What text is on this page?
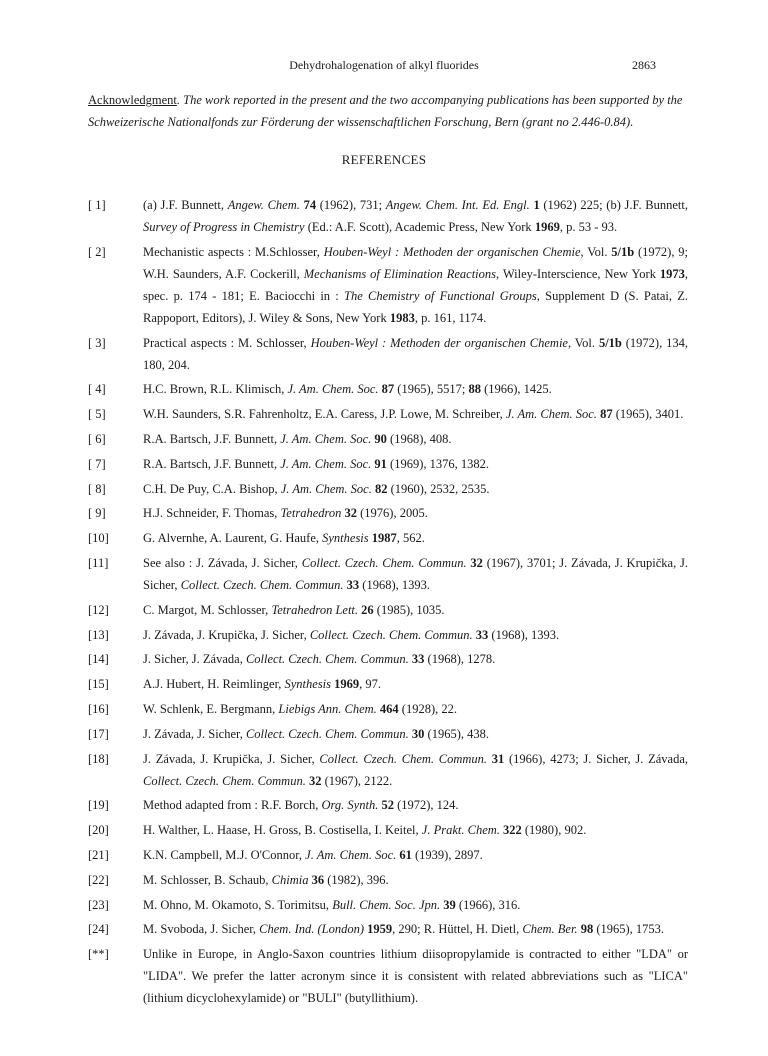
Dehydrohalogenation of alkyl fluorides	2863
Acknowledgment. The work reported in the present and the two accompanying publications has been supported by the Schweizerische Nationalfonds zur Förderung der wissenschaftlichen Forschung, Bern (grant no 2.446-0.84).
REFERENCES
[ 1]	(a) J.F. Bunnett, Angew. Chem. 74 (1962), 731; Angew. Chem. Int. Ed. Engl. 1 (1962) 225; (b) J.F. Bunnett, Survey of Progress in Chemistry (Ed.: A.F. Scott), Academic Press, New York 1969, p. 53 - 93.
[ 2]	Mechanistic aspects : M.Schlosser, Houben-Weyl : Methoden der organischen Chemie, Vol. 5/1b (1972), 9; W.H. Saunders, A.F. Cockerill, Mechanisms of Elimination Reactions, Wiley-Interscience, New York 1973, spec. p. 174 - 181; E. Baciocchi in : The Chemistry of Functional Groups, Supplement D (S. Patai, Z. Rappoport, Editors), J. Wiley & Sons, New York 1983, p. 161, 1174.
[ 3]	Practical aspects : M. Schlosser, Houben-Weyl : Methoden der organischen Chemie, Vol. 5/1b (1972), 134, 180, 204.
[ 4]	H.C. Brown, R.L. Klimisch, J. Am. Chem. Soc. 87 (1965), 5517; 88 (1966), 1425.
[ 5]	W.H. Saunders, S.R. Fahrenholtz, E.A. Caress, J.P. Lowe, M. Schreiber, J. Am. Chem. Soc. 87 (1965), 3401.
[ 6]	R.A. Bartsch, J.F. Bunnett, J. Am. Chem. Soc. 90 (1968), 408.
[ 7]	R.A. Bartsch, J.F. Bunnett, J. Am. Chem. Soc. 91 (1969), 1376, 1382.
[ 8]	C.H. De Puy, C.A. Bishop, J. Am. Chem. Soc. 82 (1960), 2532, 2535.
[ 9]	H.J. Schneider, F. Thomas, Tetrahedron 32 (1976), 2005.
[10]	G. Alvernhe, A. Laurent, G. Haufe, Synthesis 1987, 562.
[11]	See also : J. Závada, J. Sicher, Collect. Czech. Chem. Commun. 32 (1967), 3701; J. Závada, J. Krupička, J. Sicher, Collect. Czech. Chem. Commun. 33 (1968), 1393.
[12]	C. Margot, M. Schlosser, Tetrahedron Lett. 26 (1985), 1035.
[13]	J. Závada, J. Krupička, J. Sicher, Collect. Czech. Chem. Commun. 33 (1968), 1393.
[14]	J. Sicher, J. Závada, Collect. Czech. Chem. Commun. 33 (1968), 1278.
[15]	A.J. Hubert, H. Reimlinger, Synthesis 1969, 97.
[16]	W. Schlenk, E. Bergmann, Liebigs Ann. Chem. 464 (1928), 22.
[17]	J. Závada, J. Sicher, Collect. Czech. Chem. Commun. 30 (1965), 438.
[18]	J. Závada, J. Krupička, J. Sicher, Collect. Czech. Chem. Commun. 31 (1966), 4273; J. Sicher, J. Závada, Collect. Czech. Chem. Commun. 32 (1967), 2122.
[19]	Method adapted from : R.F. Borch, Org. Synth. 52 (1972), 124.
[20]	H. Walther, L. Haase, H. Gross, B. Costisella, I. Keitel, J. Prakt. Chem. 322 (1980), 902.
[21]	K.N. Campbell, M.J. O'Connor, J. Am. Chem. Soc. 61 (1939), 2897.
[22]	M. Schlosser, B. Schaub, Chimia 36 (1982), 396.
[23]	M. Ohno, M. Okamoto, S. Torimitsu, Bull. Chem. Soc. Jpn. 39 (1966), 316.
[24]	M. Svoboda, J. Sicher, Chem. Ind. (London) 1959, 290; R. Hüttel, H. Dietl, Chem. Ber. 98 (1965), 1753.
[**]	Unlike in Europe, in Anglo-Saxon countries lithium diisopropylamide is contracted to either "LDA" or "LIDA". We prefer the latter acronym since it is consistent with related abbreviations such as "LICA" (lithium dicyclohexylamide) or "BULI" (butyllithium).
